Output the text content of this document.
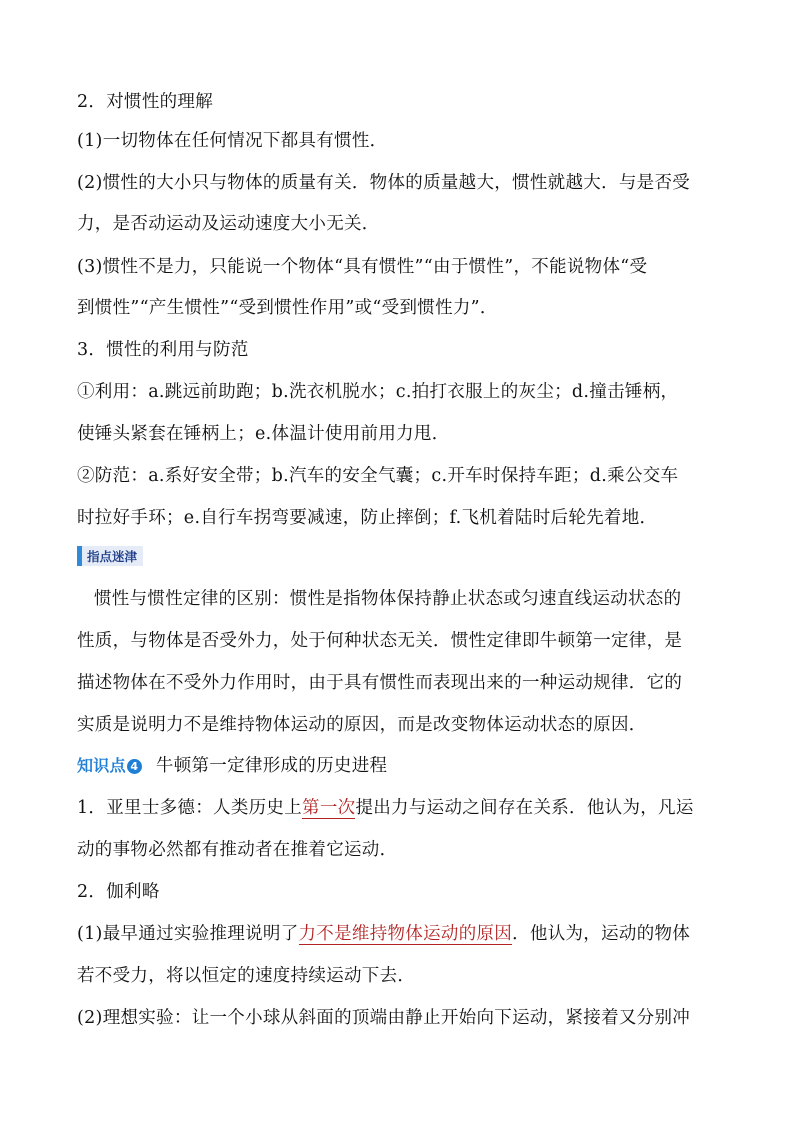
2．对惯性的理解
(1)一切物体在任何情况下都具有惯性．
(2)惯性的大小只与物体的质量有关．物体的质量越大，惯性就越大．与是否受
力，是否动运动及运动速度大小无关．
(3)惯性不是力，只能说一个物体“具有惯性”“由于惯性”，不能说物体“受
到惯性”“产生惯性”“受到惯性作用”或“受到惯性力”．
3．惯性的利用与防范
①利用：a.跳远前助跑；b.洗衣机脱水；c.拍打衣服上的灰尘；d.撞击锤柄，
使锤头紧套在锤柄上；e.体温计使用前用力甩．
②防范：a.系好安全带；b.汽车的安全气囊；c.开车时保持车距；d.乘公交车
时拉好手环；e.自行车拐弯要减速，防止摔倒；f.飞机着陆时后轮先着地．
指点迷津
惯性与惯性定律的区别：惯性是指物体保持静止状态或匀速直线运动状态的
性质，与物体是否受外力，处于何种状态无关．惯性定律即牛顿第一定律，是
描述物体在不受外力作用时，由于具有惯性而表现出来的一种运动规律．它的
实质是说明力不是维持物体运动的原因，而是改变物体运动状态的原因．
知识点 4 牛顿第一定律形成的历史进程
1．亚里士多德：人类历史上第一次提出力与运动之间存在关系．他认为，凡运
动的事物必然都有推动者在推着它运动．
2．伽利略
(1)最早通过实验推理说明了力不是维持物体运动的原因．他认为，运动的物体
若不受力，将以恒定的速度持续运动下去．
(2)理想实验：让一个小球从斜面的顶端由静止开始向下运动，紧接着又分别冲
